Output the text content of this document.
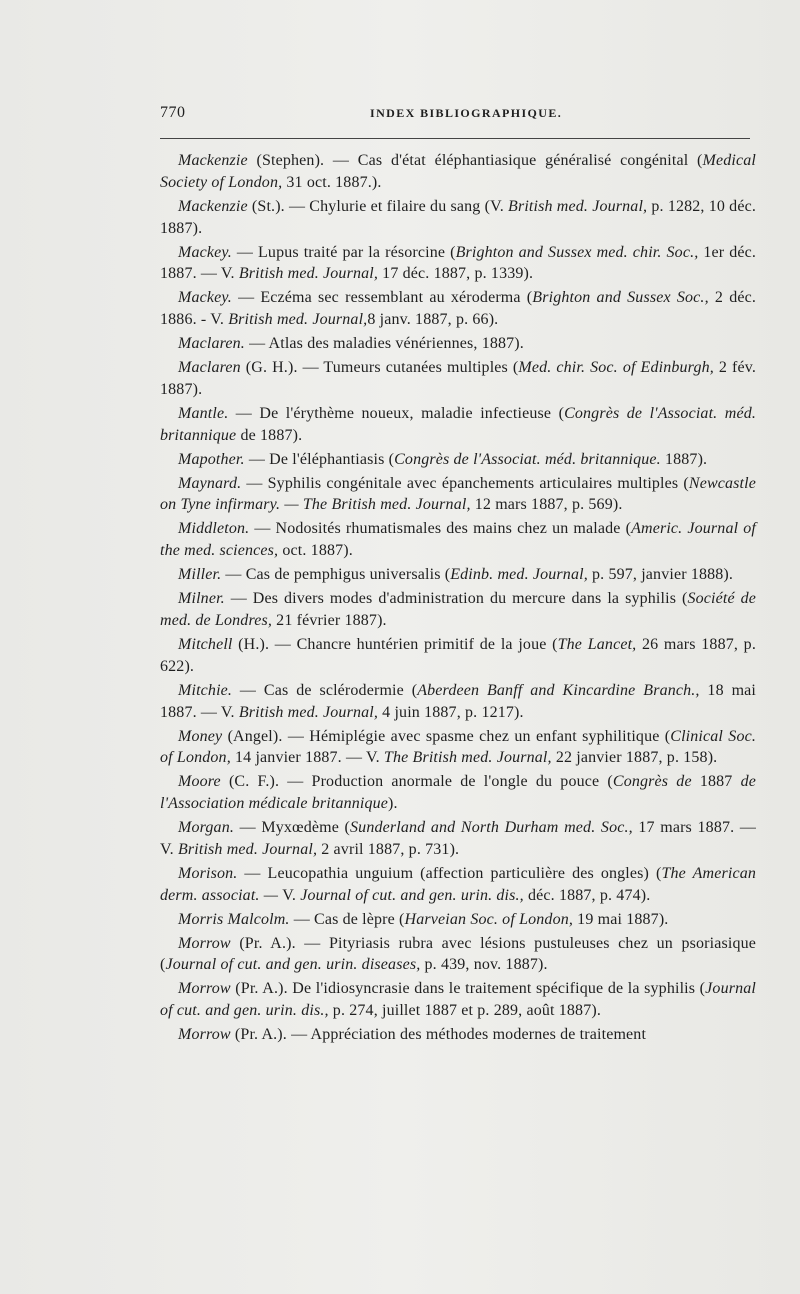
770	INDEX BIBLIOGRAPHIQUE.

Mackenzie (Stephen). — Cas d'état éléphantiasique généralisé congénital (Medical Society of London, 31 oct. 1887.).

Mackenzie (St.). — Chylurie et filaire du sang (V. British med. Journal, p. 1282, 10 déc. 1887).

Mackey. — Lupus traité par la résorcine (Brighton and Sussex med. chir. Soc., 1er déc. 1887. — V. British med. Journal, 17 déc. 1887, p. 1339).

Mackey. — Eczéma sec ressemblant au xéroderma (Brighton and Sussex Soc., 2 déc. 1886. - V. British med. Journal,8 janv. 1887, p. 66).

Maclaren. — Atlas des maladies vénériennes, 1887).

Maclaren (G. H.). — Tumeurs cutanées multiples (Med. chir. Soc. of Edinburgh, 2 fév. 1887).

Mantle. — De l'érythème noueux, maladie infectieuse (Congrès de l'Associat. méd. britannique de 1887).

Mapother. — De l'éléphantiasis (Congrès de l'Associat. méd. britannique. 1887).

Maynard. — Syphilis congénitale avec épanchements articulaires multiples (Newcastle on Tyne infirmary. — The British med. Journal, 12 mars 1887, p. 569).

Middleton. — Nodosités rhumatismales des mains chez un malade (Americ. Journal of the med. sciences, oct. 1887).

Miller. — Cas de pemphigus universalis (Edinb. med. Journal, p. 597, janvier 1888).

Milner. — Des divers modes d'administration du mercure dans la syphilis (Société de med. de Londres, 21 février 1887).

Mitchell (H.). — Chancre huntérien primitif de la joue (The Lancet, 26 mars 1887, p. 622).

Mitchie. — Cas de sclérodermie (Aberdeen Banff and Kincardine Branch., 18 mai 1887. — V. British med. Journal, 4 juin 1887, p. 1217).

Money (Angel). — Hémiplégie avec spasme chez un enfant syphilitique (Clinical Soc. of London, 14 janvier 1887. — V. The British med. Journal, 22 janvier 1887, p. 158).

Moore (C. F.). — Production anormale de l'ongle du pouce (Congrès de 1887 de l'Association médicale britannique).

Morgan. — Myxœdème (Sunderland and North Durham med. Soc., 17 mars 1887. — V. British med. Journal, 2 avril 1887, p. 731).

Morison. — Leucopathia unguium (affection particulière des ongles) (The American derm. associat. — V. Journal of cut. and gen. urin. dis., déc. 1887, p. 474).

Morris Malcolm. — Cas de lèpre (Harveian Soc. of London, 19 mai 1887).

Morrow (Pr. A.). — Pityriasis rubra avec lésions pustuleuses chez un psoriasique (Journal of cut. and gen. urin. diseases, p. 439, nov. 1887).

Morrow (Pr. A.). De l'idiosyncrasie dans le traitement spécifique de la syphilis (Journal of cut. and gen. urin. dis., p. 274, juillet 1887 et p. 289, août 1887).

Morrow (Pr. A.). — Appréciation des méthodes modernes de traitement
